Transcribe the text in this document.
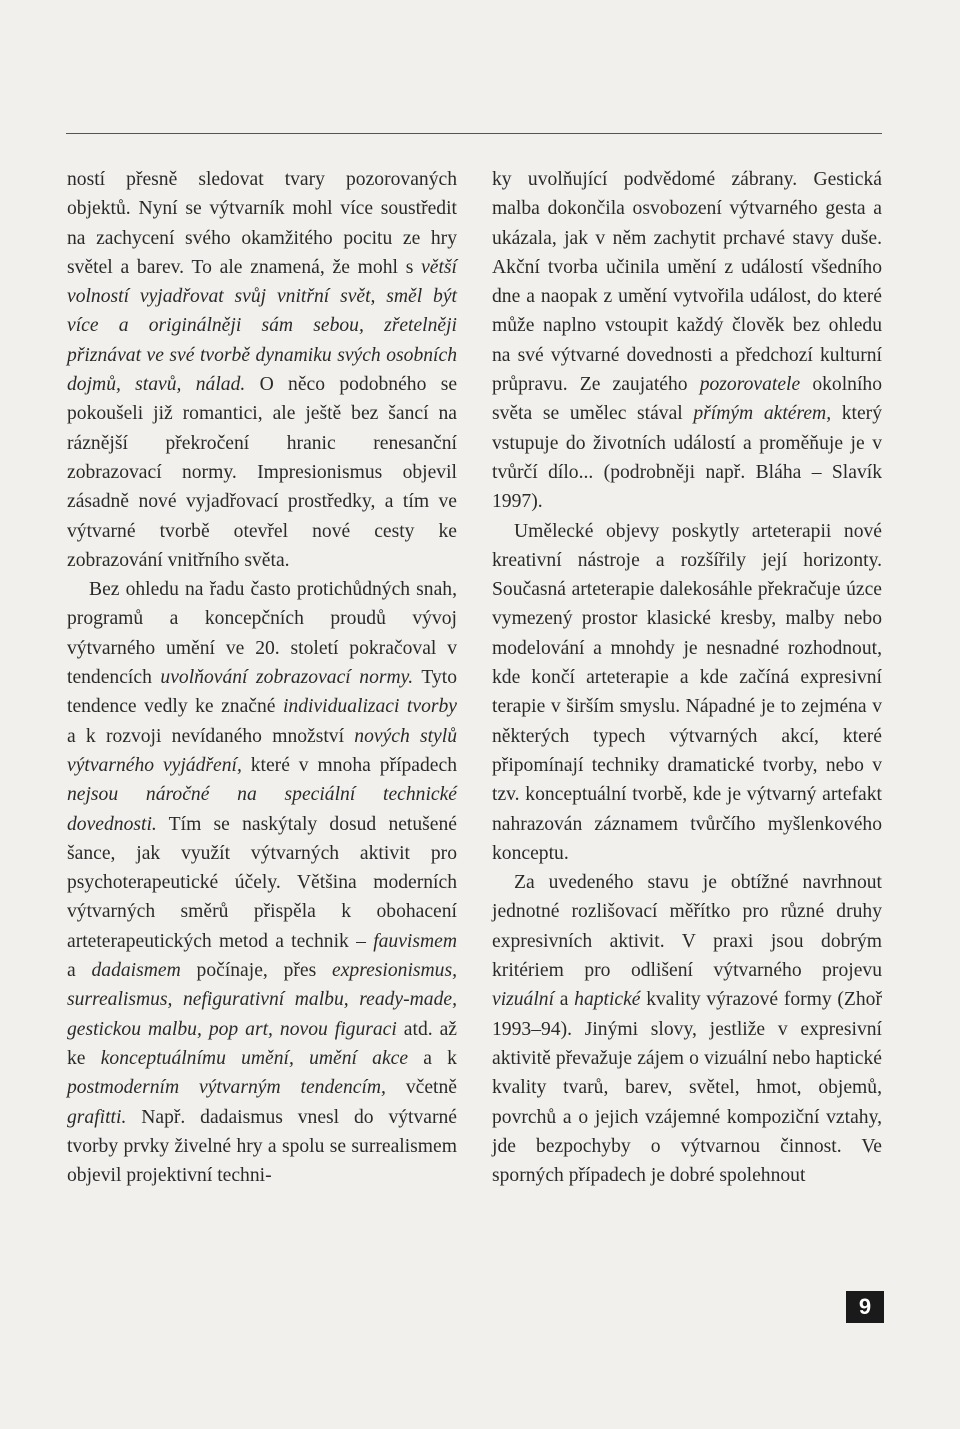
ností přesně sledovat tvary pozorovaných objektů. Nyní se výtvarník mohl více soustředit na zachycení svého okamžitého pocitu ze hry světel a barev. To ale znamená, že mohl s větší volností vyjadřovat svůj vnitřní svět, směl být více a originálněji sám sebou, zřetelněji přiznávat ve své tvorbě dynamiku svých osobních dojmů, stavů, nálad. O něco podobného se pokoušeli již romantici, ale ještě bez šancí na ráznější překročení hranic renesanční zobrazovací normy. Impresionismus objevil zásadně nové vyjadřovací prostředky, a tím ve výtvarné tvorbě otevřel nové cesty ke zobrazování vnitřního světa.

Bez ohledu na řadu často protichůdných snah, programů a koncepčních proudů vývoj výtvarného umění ve 20. století pokračoval v tendencích uvolňování zobrazovací normy. Tyto tendence vedly ke značné individualizaci tvorby a k rozvoji nevídaného množství nových stylů výtvarného vyjádření, které v mnoha případech nejsou náročné na speciální technické dovednosti. Tím se naskýtaly dosud netušené šance, jak využít výtvarných aktivit pro psychoterapeutické účely. Většina moderních výtvarných směrů přispěla k obohacení arteterapeutických metod a technik – fauvismem a dadaismem počínaje, přes expresionismus, surrealismus, nefigurativní malbu, ready-made, gestickou malbu, pop art, novou figuraci atd. až ke konceptuálnímu umění, umění akce a k postmoderním výtvarným tendencím, včetně grafitti. Např. dadaismus vnesl do výtvarné tvorby prvky živelné hry a spolu se surrealismem objevil projektivní techni-

ky uvolňující podvědomé zábrany. Gestická malba dokončila osvobození výtvarného gesta a ukázala, jak v něm zachytit prchavé stavy duše. Akční tvorba učinila umění z událostí všedního dne a naopak z umění vytvořila událost, do které může naplno vstoupit každý člověk bez ohledu na své výtvarné dovednosti a předchozí kulturní průpravu. Ze zaujatého pozorovatele okolního světa se umělec stával přímým aktérem, který vstupuje do životních událostí a proměňuje je v tvůrčí dílo... (podrobněji např. Bláha – Slavík 1997).

Umělecké objevy poskytly arteterapii nové kreativní nástroje a rozšířily její horizonty. Současná arteterapie dalekosáhle překračuje úzce vymezený prostor klasické kresby, malby nebo modelování a mnohdy je nesnadné rozhodnout, kde končí arteterapie a kde začíná expresivní terapie v širším smyslu. Nápadné je to zejména v některých typech výtvarných akcí, které připomínají techniky dramatické tvorby, nebo v tzv. konceptuální tvorbě, kde je výtvarný artefakt nahrazován záznamem tvůrčího myšlenkového konceptu.

Za uvedeného stavu je obtížné navrhnout jednotné rozlišovací měřítko pro různé druhy expresivních aktivit. V praxi jsou dobrým kritériem pro odlišení výtvarného projevu vizuální a haptické kvality výrazové formy (Zhoř 1993–94). Jinými slovy, jestliže v expresivní aktivitě převažuje zájem o vizuální nebo haptické kvality tvarů, barev, světel, hmot, objemů, povrchů a o jejich vzájemné kompoziční vztahy, jde bezpochyby o výtvarnou činnost. Ve sporných případech je dobré spolehnout

9
